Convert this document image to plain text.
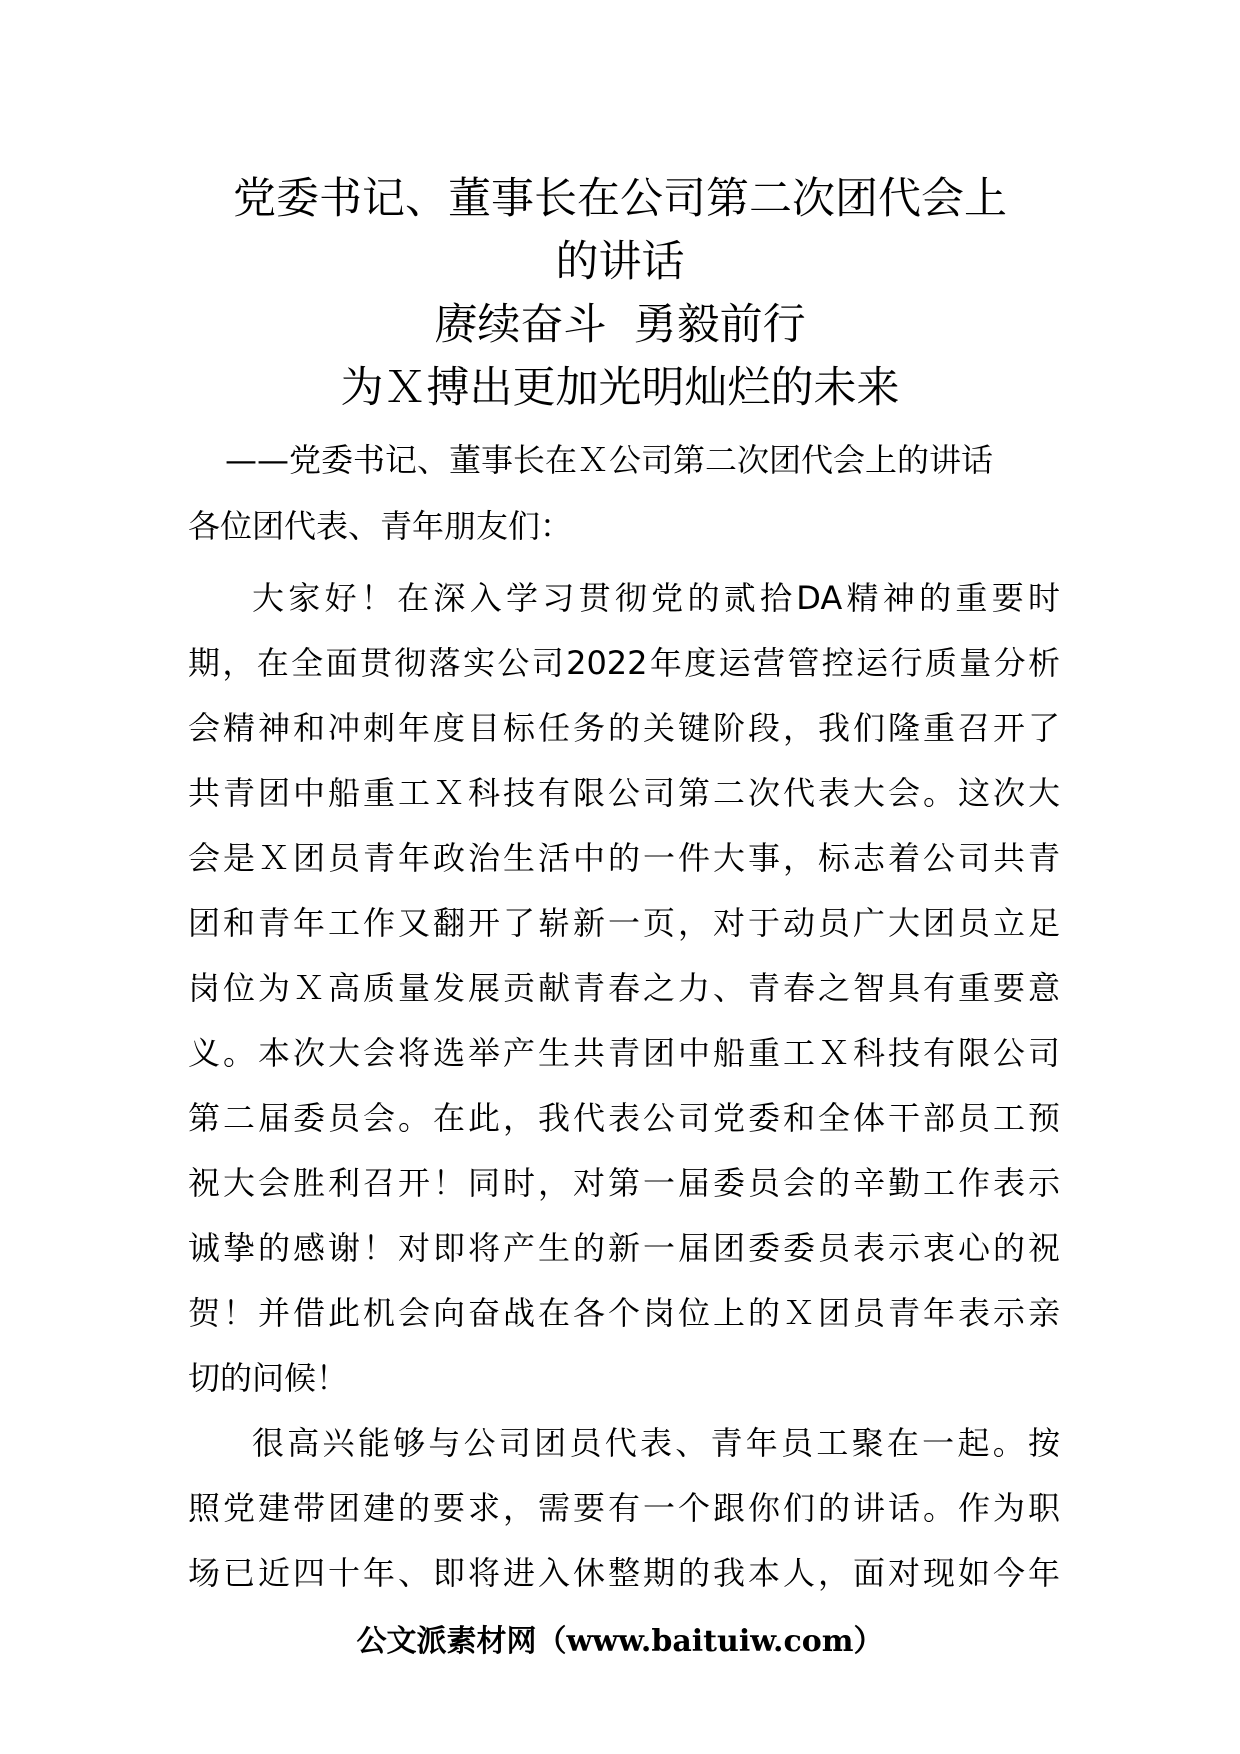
党委书记、董事长在公司第二次团代会上
的讲话
赓续奋斗  勇毅前行
为Ｘ搏出更加光明灿烂的未来
——党委书记、董事长在Ｘ公司第二次团代会上的讲话
各位团代表、青年朋友们：
大家好！在深入学习贯彻党的贰拾DA精神的重要时
期，在全面贯彻落实公司2022年度运营管控运行质量分析
会精神和冲刺年度目标任务的关键阶段，我们隆重召开了
共青团中船重工Ｘ科技有限公司第二次代表大会。这次大
会是Ｘ团员青年政治生活中的一件大事，标志着公司共青
团和青年工作又翻开了崭新一页，对于动员广大团员立足
岗位为Ｘ高质量发展贡献青春之力、青春之智具有重要意
义。本次大会将选举产生共青团中船重工Ｘ科技有限公司
第二届委员会。在此，我代表公司党委和全体干部员工预
祝大会胜利召开！同时，对第一届委员会的辛勤工作表示
诚挚的感谢！对即将产生的新一届团委委员表示衷心的祝
贺！并借此机会向奋战在各个岗位上的Ｘ团员青年表示亲
切的问候！
很高兴能够与公司团员代表、青年员工聚在一起。按
照党建带团建的要求，需要有一个跟你们的讲话。作为职
场已近四十年、即将进入休整期的我本人，面对现如今年
公文派素材网（www.baituiw.com）
